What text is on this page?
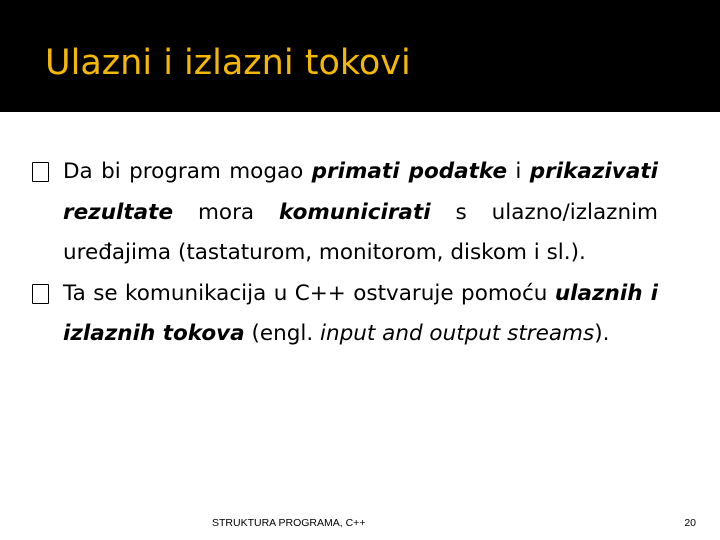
Ulazni i izlazni tokovi

Da bi program mogao primati podatke i prikazivati rezultate mora komunicirati s ulazno/izlaznim uređajima (tastaturom, monitorom, diskom i sl.).

Ta se komunikacija u C++ ostvaruje pomoću ulaznih i izlaznih tokova (engl. input and output streams).

STRUKTURA PROGRAMA, C++	20
